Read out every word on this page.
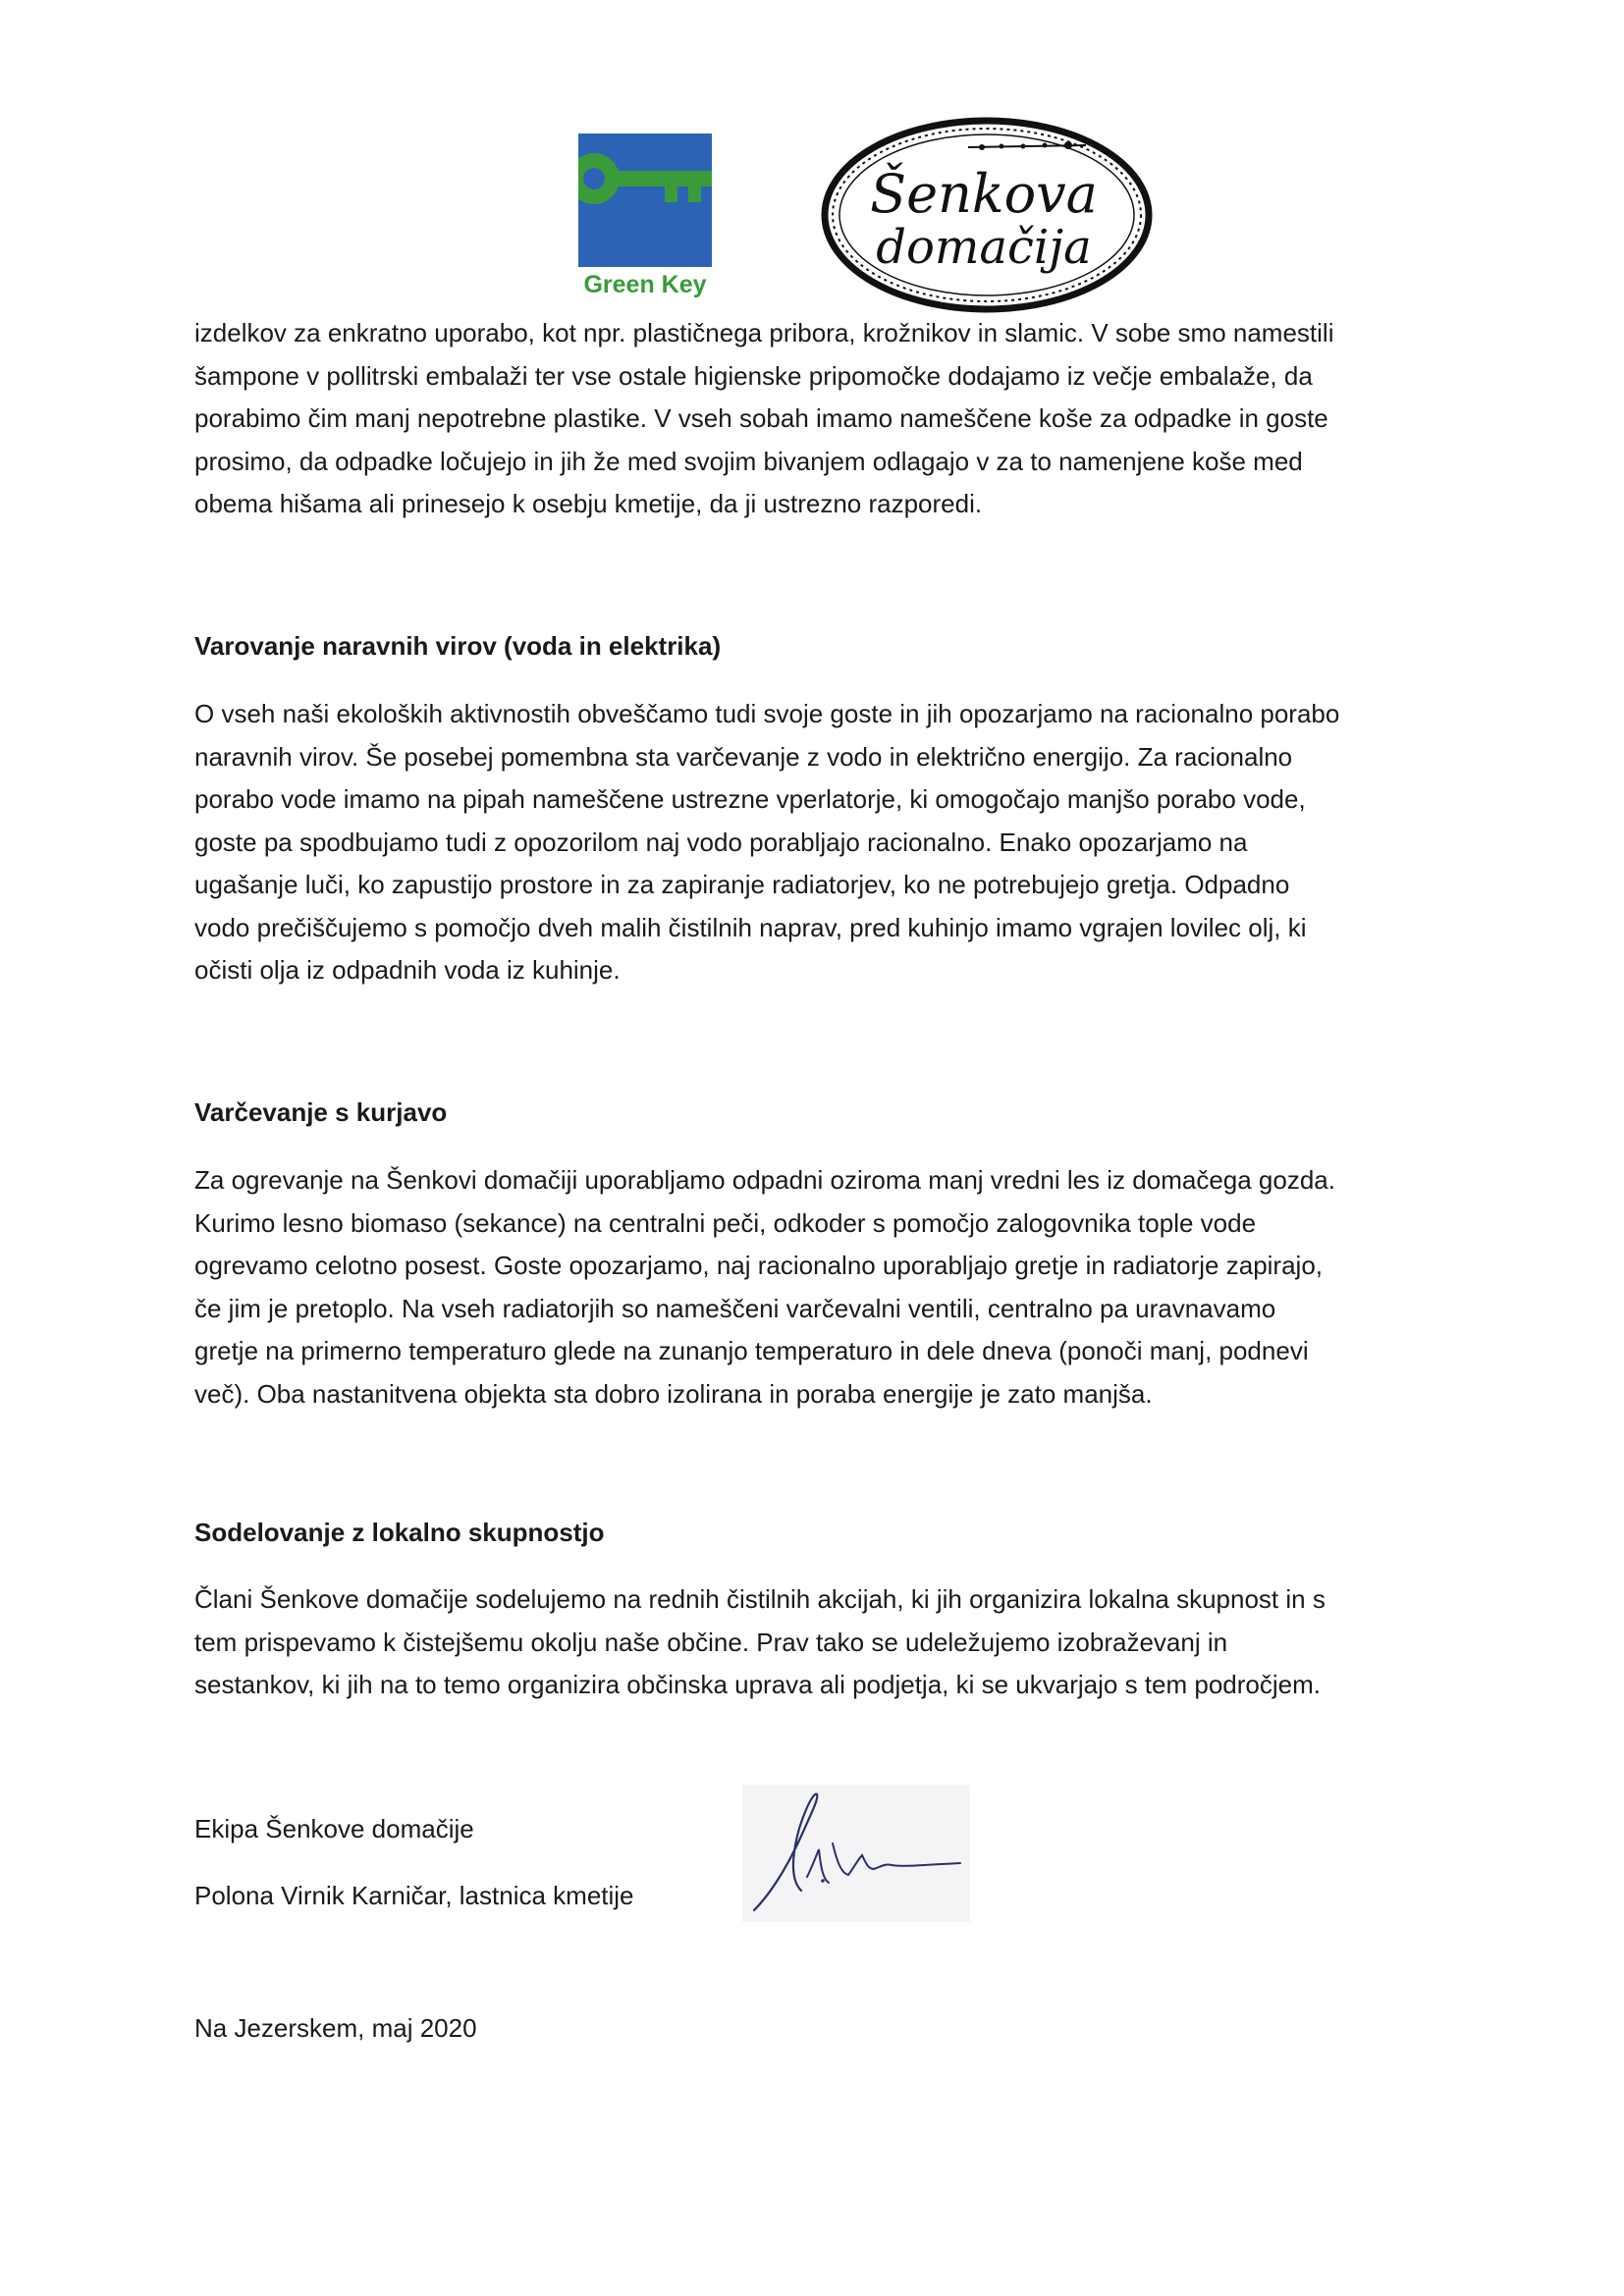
Green Key
Šenkova
domačija
izdelkov za enkratno uporabo, kot npr. plastičnega pribora, krožnikov in slamic. V sobe smo namestili
šampone v pollitrski embalaži ter vse ostale higienske pripomočke dodajamo iz večje embalaže, da
porabimo čim manj nepotrebne plastike. V vseh sobah imamo nameščene koše za odpadke in goste
prosimo, da odpadke ločujejo in jih že med svojim bivanjem odlagajo v za to namenjene koše med
obema hišama ali prinesejo k osebju kmetije, da ji ustrezno razporedi.
Varovanje naravnih virov (voda in elektrika)
O vseh naši ekoloških aktivnostih obveščamo tudi svoje goste in jih opozarjamo na racionalno porabo
naravnih virov. Še posebej pomembna sta varčevanje z vodo in električno energijo. Za racionalno
porabo vode imamo na pipah nameščene ustrezne vperlatorje, ki omogočajo manjšo porabo vode,
goste pa spodbujamo tudi z opozorilom naj vodo porabljajo racionalno. Enako opozarjamo na
ugašanje luči, ko zapustijo prostore in za zapiranje radiatorjev, ko ne potrebujejo gretja. Odpadno
vodo prečiščujemo s pomočjo dveh malih čistilnih naprav, pred kuhinjo imamo vgrajen lovilec olj, ki
očisti olja iz odpadnih voda iz kuhinje.
Varčevanje s kurjavo
Za ogrevanje na Šenkovi domačiji uporabljamo odpadni oziroma manj vredni les iz domačega gozda.
Kurimo lesno biomaso (sekance) na centralni peči, odkoder s pomočjo zalogovnika tople vode
ogrevamo celotno posest. Goste opozarjamo, naj racionalno uporabljajo gretje in radiatorje zapirajo,
če jim je pretoplo. Na vseh radiatorjih so nameščeni varčevalni ventili, centralno pa uravnavamo
gretje na primerno temperaturo glede na zunanjo temperaturo in dele dneva (ponoči manj, podnevi
več). Oba nastanitvena objekta sta dobro izolirana in poraba energije je zato manjša.
Sodelovanje z lokalno skupnostjo
Člani Šenkove domačije sodelujemo na rednih čistilnih akcijah, ki jih organizira lokalna skupnost in s
tem prispevamo k čistejšemu okolju naše občine. Prav tako se udeležujemo izobraževanj in
sestankov, ki jih na to temo organizira občinska uprava ali podjetja, ki se ukvarjajo s tem področjem.
Ekipa Šenkove domačije
Polona Virnik Karničar, lastnica kmetije
Na Jezerskem, maj 2020
